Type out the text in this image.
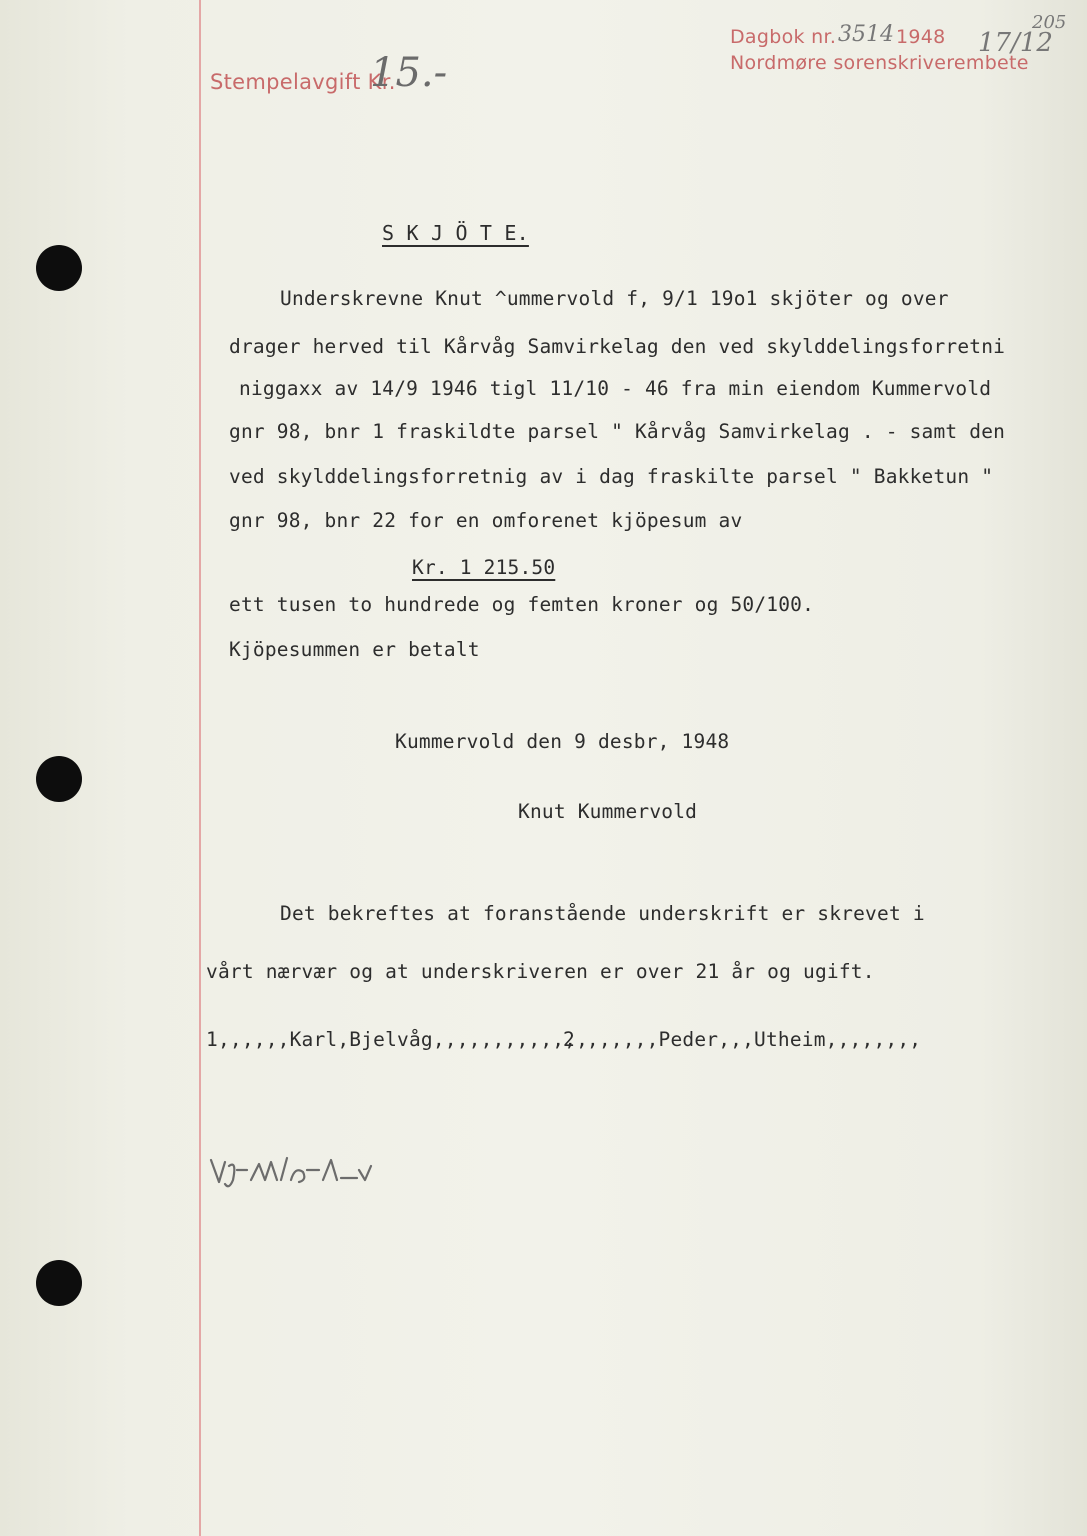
Stempelavgift Kr.
15.-
Dagbok nr. 3514 1948 17/12
205
Nordmøre sorenskriverembete
S K J Ö T E.
Underskrevne Knut ^ummervold f, 9/1 19o1 skjöter og over
drager herved til Kårvåg Samvirkelag den ved skylddelingsforretni
niggaxx av 14/9 1946 tigl 11/10 - 46 fra min eiendom Kummervold
gnr 98, bnr 1 fraskildte parsel " Kårvåg Samvirkelag . - samt den
ved skylddelingsforretnig av i dag fraskilte parsel " Bakketun "
gnr 98, bnr 22 for en omforenet kjöpesum av
Kr. 1 215.50
ett tusen to hundrede og femten kroner og 50/100.
Kjöpesummen er betalt
Kummervold den 9 desbr, 1948
Knut Kummervold
Det bekreftes at foranstående underskrift er skrevet i
vårt nærvær og at underskriveren er over 21 år og ugift.
1,,,,,,Karl,Bjelvåg,,,,,,,,,,,,,
2 ,,,,,,Peder,,,Utheim,,,,,,,,
